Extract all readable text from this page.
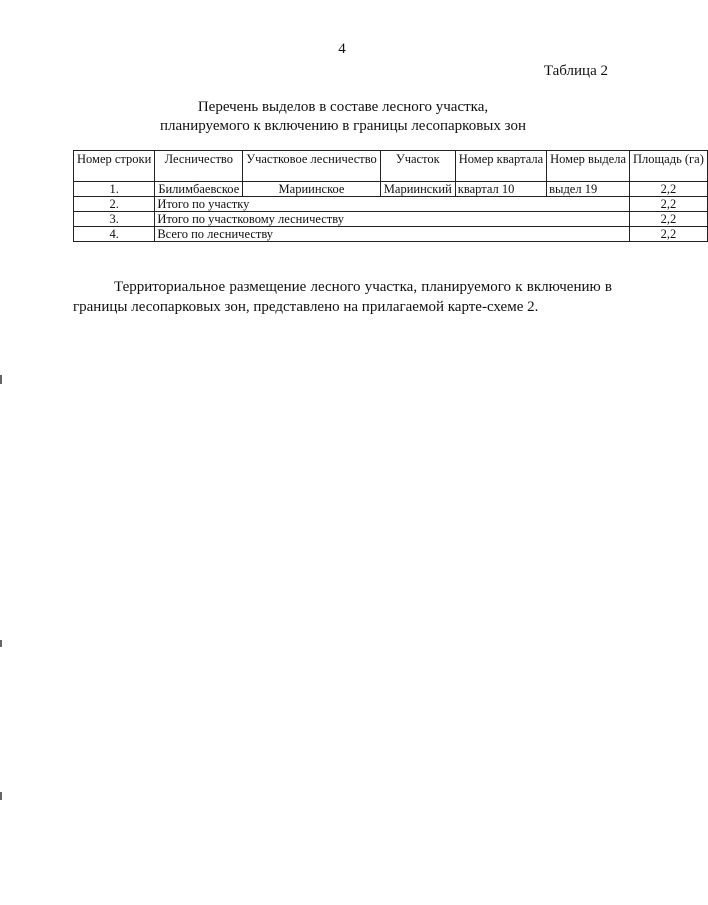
4
Таблица 2
Перечень выделов в составе лесного участка,
планируемого к включению в границы лесопарковых зон
Номер строки	Лесничество	Участковое лесничество	Участок	Номер квартала	Номер выдела	Площадь (га)
1.	Билимбаевское	Мариинское	Мариинский	квартал 10	выдел 19	2,2
2.	Итого по участку					2,2
3.	Итого по участковому лесничеству					2,2
4.	Всего по лесничеству					2,2

Территориальное размещение лесного участка, планируемого к включению в границы лесопарковых зон, представлено на прилагаемой карте-схеме 2.
